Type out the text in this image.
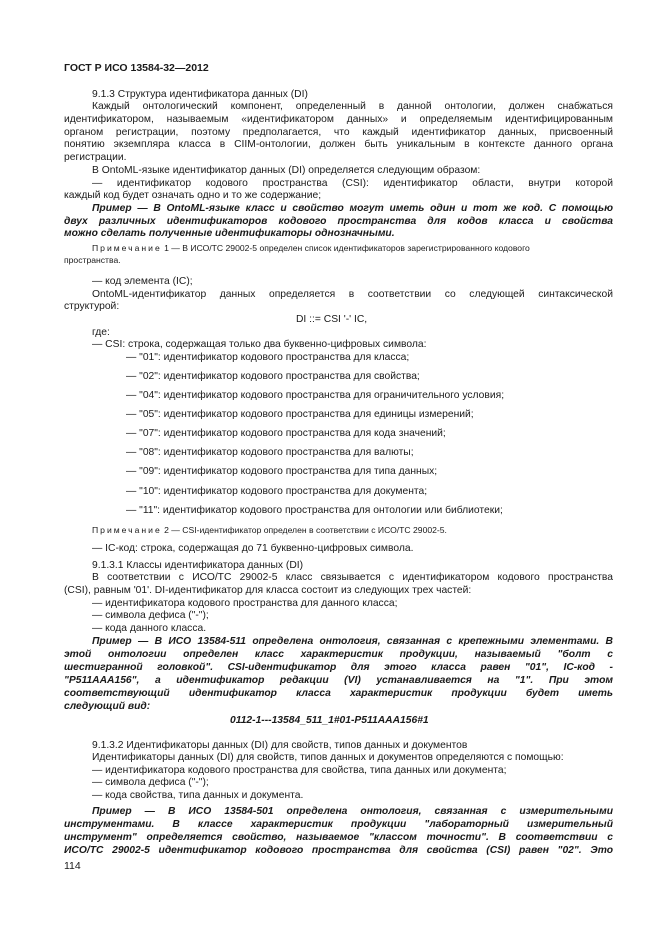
ГОСТ Р ИСО 13584-32—2012
9.1.3 Структура идентификатора данных (DI)
Каждый онтологический компонент, определенный в данной онтологии, должен снабжаться
идентификатором, называемым «идентификатором данных» и определяемым идентифицированным
органом регистрации, поэтому предполагается, что каждый идентификатор данных, присвоенный
понятию экземпляра класса в CIIM-онтологии, должен быть уникальным в контексте данного органа
регистрации.
В OntoML-языке идентификатор данных (DI) определяется следующим образом:
— идентификатор кодового пространства (CSI): идентификатор области, внутри которой
каждый код будет означать одно и то же содержание;
Пример — В OntoML-языке класс и свойство могут иметь один и тот же код. С помощью
двух различных идентификаторов кодового пространства для кодов класса и свойства
можно сделать полученные идентификаторы однозначными.
Примечание 1 — В ИСО/TC 29002-5 определен список идентификаторов зарегистрированного кодового
пространства.
— код элемента (IC);
OntoML-идентификатор данных определяется в соответствии со следующей синтаксической
структурой:
DI ::= CSI '-' IC,
где:
— CSI: строка, содержащая только два буквенно-цифровых символа:
— "01": идентификатор кодового пространства для класса;
— "02": идентификатор кодового пространства для свойства;
— "04": идентификатор кодового пространства для ограничительного условия;
— "05": идентификатор кодового пространства для единицы измерений;
— "07": идентификатор кодового пространства для кода значений;
— "08": идентификатор кодового пространства для валюты;
— "09": идентификатор кодового пространства для типа данных;
— "10": идентификатор кодового пространства для документа;
— "11": идентификатор кодового пространства для онтологии или библиотеки;
Примечание 2 — CSI-идентификатор определен в соответствии с ИСО/TC 29002-5.
— IC-код: строка, содержащая до 71 буквенно-цифровых символа.
9.1.3.1 Классы идентификатора данных (DI)
В соответствии с ИСО/TC 29002-5 класс связывается с идентификатором кодового пространства
(CSI), равным '01'. DI-идентификатор для класса состоит из следующих трех частей:
— идентификатора кодового пространства для данного класса;
— символа дефиса ("-");
— кода данного класса.
Пример — В ИСО 13584-511 определена онтология, связанная с крепежными элементами. В
этой онтологии определен класс характеристик продукции, называемый "болт с
шестигранной головкой". CSI-идентификатор для этого класса равен "01", IC-код -
"P511AAA156", а идентификатор редакции (VI) устанавливается на "1". При этом
соответствующий идентификатор класса характеристик продукции будет иметь
следующий вид:
0112-1---13584_511_1#01-P511AAA156#1
9.1.3.2 Идентификаторы данных (DI) для свойств, типов данных и документов
Идентификаторы данных (DI) для свойств, типов данных и документов определяются с помощью:
— идентификатора кодового пространства для свойства, типа данных или документа;
— символа дефиса ("-");
— кода свойства, типа данных и документа.
Пример — В ИСО 13584-501 определена онтология, связанная с измерительными
инструментами. В классе характеристик продукции "лабораторный измерительный
инструмент" определяется свойство, называемое "классом точности". В соответствии с
ИСО/TC 29002-5 идентификатор кодового пространства для свойства (CSI) равен "02". Это
114
